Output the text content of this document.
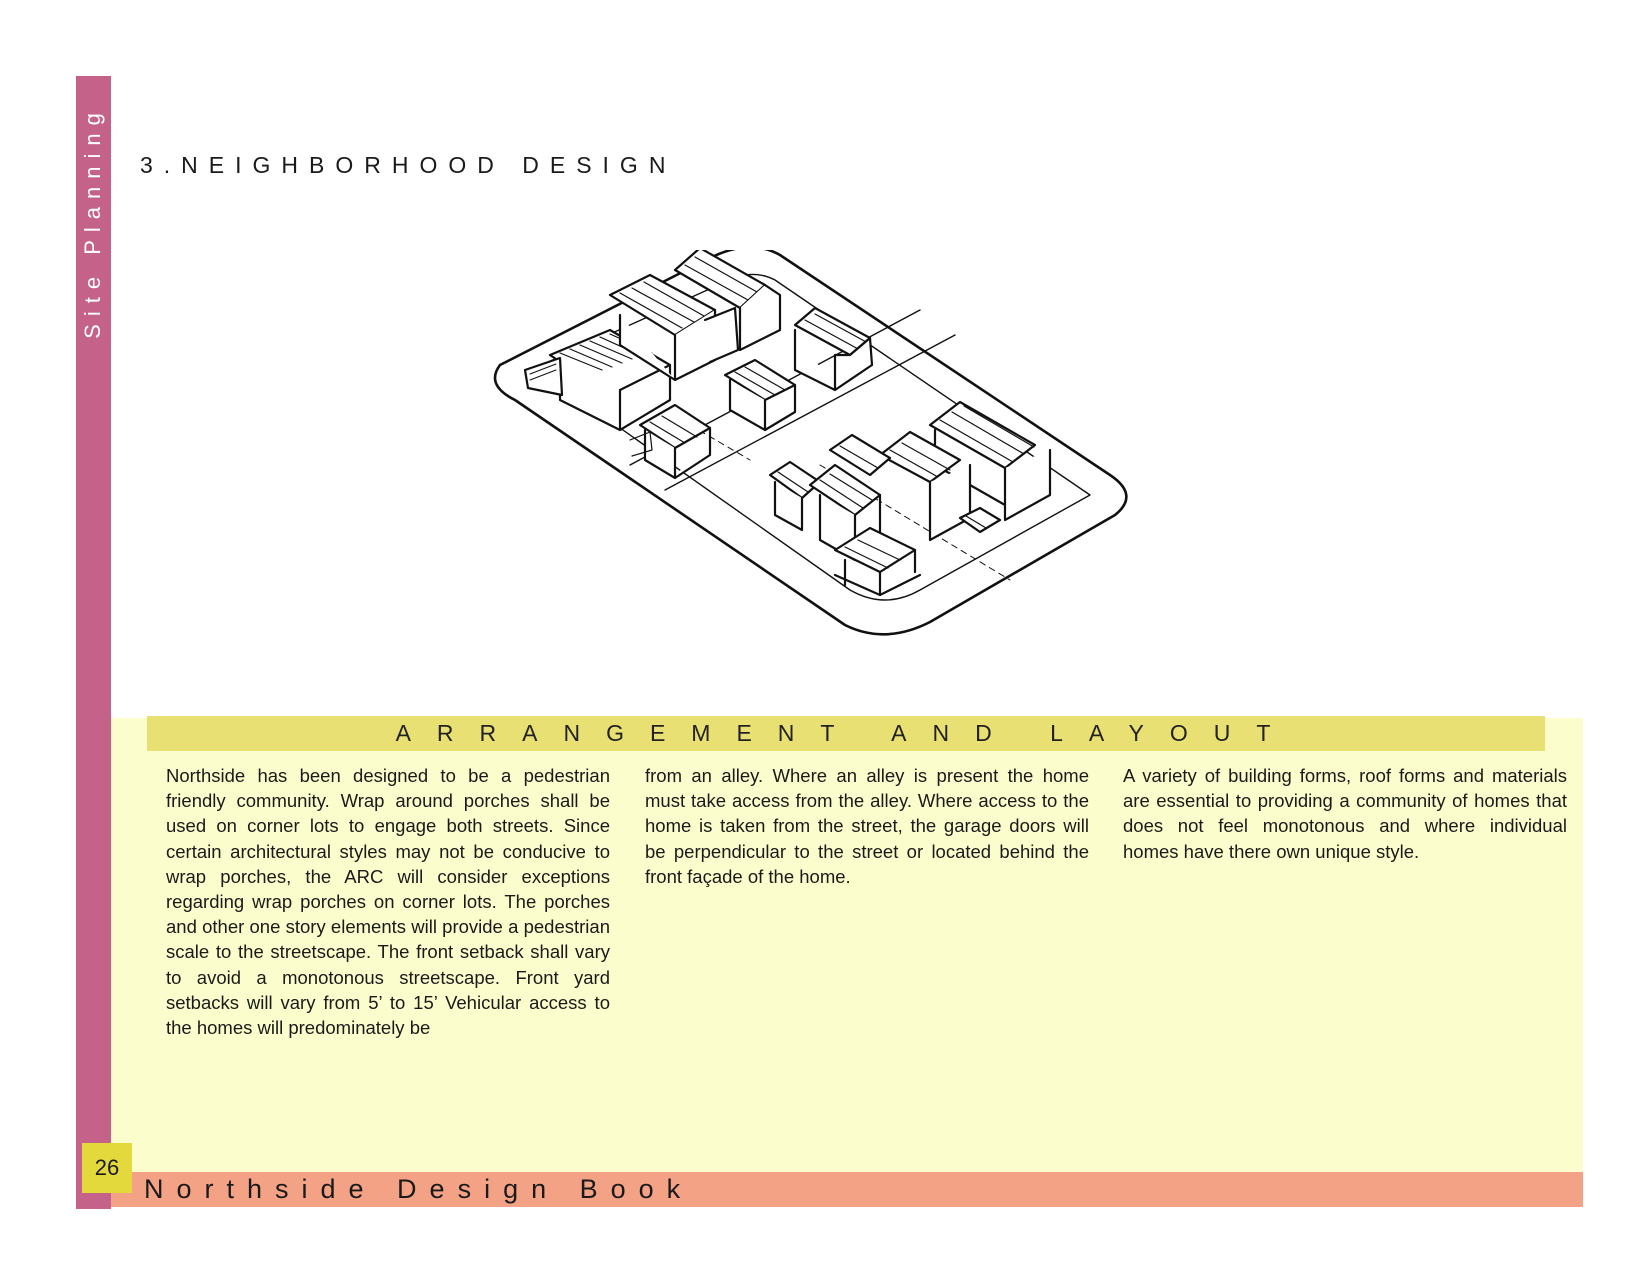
Site Planning 3.NEIGHBORHOOD DESIGN
ARRANGEMENT AND LAYOUT

Northside has been designed to be a pedestrian friendly community. Wrap around porches shall be used on corner lots to engage both streets. Since certain architectural styles may not be conducive to wrap porches, the ARC will consider exceptions regarding wrap porches on corner lots. The porches and other one story elements will provide a pedestrian scale to the streetscape. The front setback shall vary to avoid a monotonous streetscape. Front yard setbacks will vary from 5’ to 15’ Vehicular access to the homes will predominately be

from an alley. Where an alley is present the home must take access from the alley. Where access to the home is taken from the street, the garage doors will be perpendicular to the street or located behind the front façade of the home.

A variety of building forms, roof forms and materials are essential to providing a community of homes that does not feel monotonous and where individual homes have there own unique style.

Northside Design Book
26
